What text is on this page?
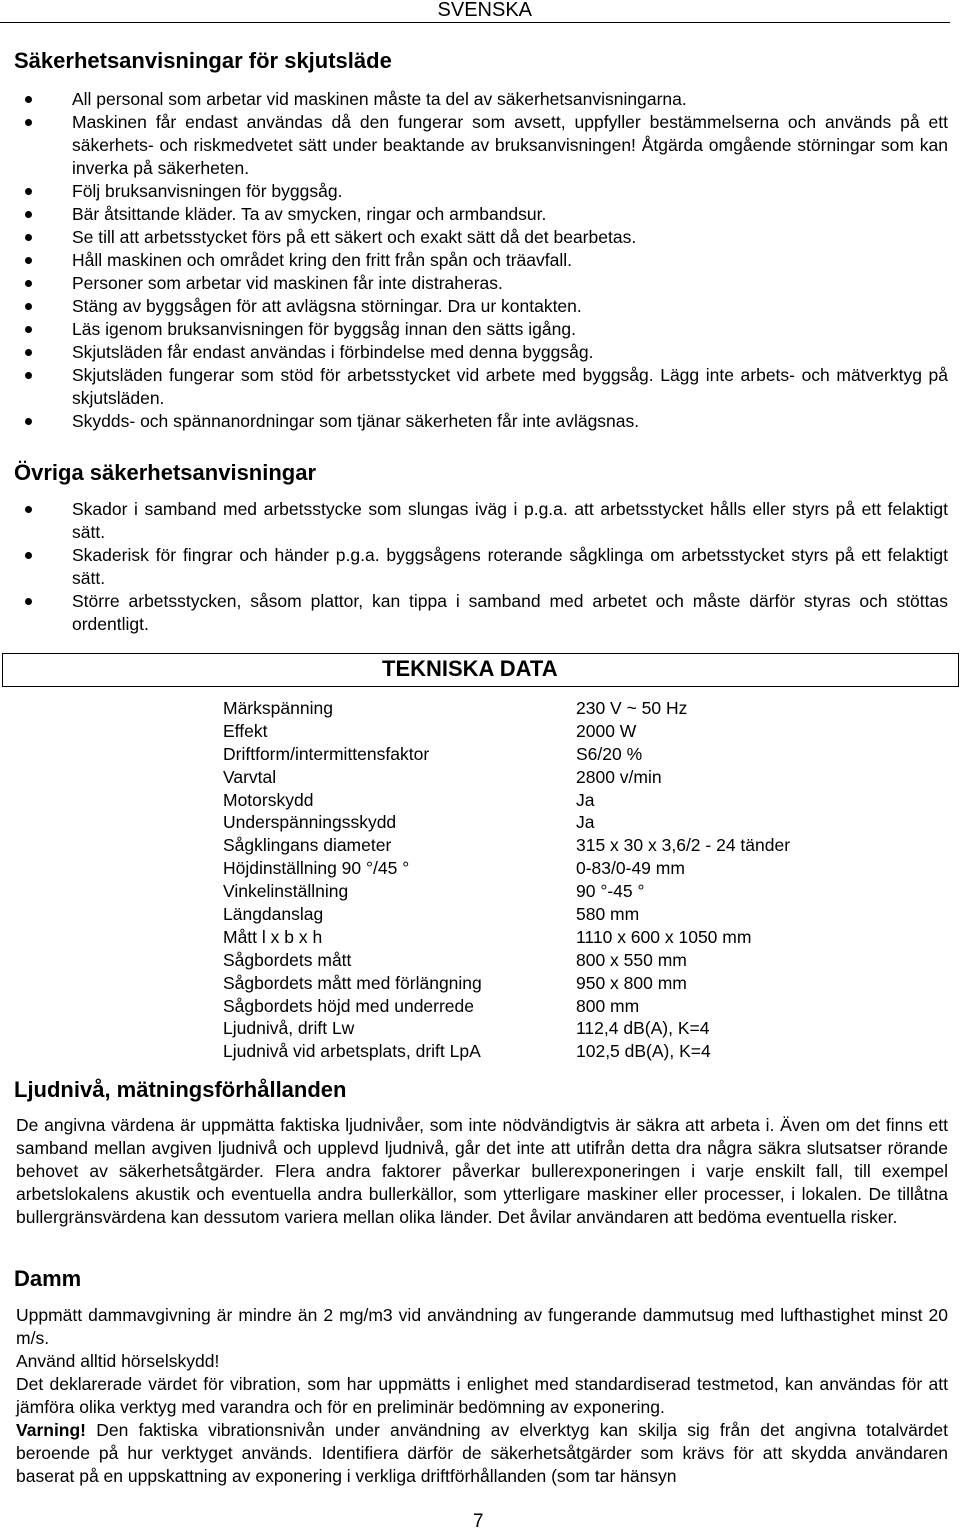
SVENSKA
Säkerhetsanvisningar för skjutsläde
All personal som arbetar vid maskinen måste ta del av säkerhetsanvisningarna.
Maskinen får endast användas då den fungerar som avsett, uppfyller bestämmelserna och används på ett säkerhets- och riskmedvetet sätt under beaktande av bruksanvisningen! Åtgärda omgående störningar som kan inverka på säkerheten.
Följ bruksanvisningen för byggsåg.
Bär åtsittande kläder. Ta av smycken, ringar och armbandsur.
Se till att arbetsstycket förs på ett säkert och exakt sätt då det bearbetas.
Håll maskinen och området kring den fritt från spån och träavfall.
Personer som arbetar vid maskinen får inte distraheras.
Stäng av byggsågen för att avlägsna störningar. Dra ur kontakten.
Läs igenom bruksanvisningen för byggsåg innan den sätts igång.
Skjutsläden får endast användas i förbindelse med denna byggsåg.
Skjutsläden fungerar som stöd för arbetsstycket vid arbete med byggsåg. Lägg inte arbets- och mätverktyg på skjutsläden.
Skydds- och spännanordningar som tjänar säkerheten får inte avlägsnas.
Övriga säkerhetsanvisningar
Skador i samband med arbetsstycke som slungas iväg i p.g.a. att arbetsstycket hålls eller styrs på ett felaktigt sätt.
Skaderisk för fingrar och händer p.g.a. byggsågens roterande sågklinga om arbetsstycket styrs på ett felaktigt sätt.
Större arbetsstycken, såsom plattor, kan tippa i samband med arbetet och måste därför styras och stöttas ordentligt.
TEKNISKA DATA
Märkspänning	230 V ~ 50 Hz
Effekt	2000 W
Driftform/intermittensfaktor	S6/20 %
Varvtal	2800 v/min
Motorskydd	Ja
Underspänningsskydd	Ja
Sågklingans diameter	315 x 30 x 3,6/2 - 24 tänder
Höjdinställning 90 °/45 °	0-83/0-49 mm
Vinkelinställning	90 °-45 °
Längdanslag	580 mm
Mått l x b x h	1110 x 600 x 1050 mm
Sågbordets mått	800 x 550 mm
Sågbordets mått med förlängning	950 x 800 mm
Sågbordets höjd med underrede	800 mm
Ljudnivå, drift Lw	112,4 dB(A), K=4
Ljudnivå vid arbetsplats, drift LpA	102,5 dB(A), K=4
Ljudnivå, mätningsförhållanden

De angivna värdena är uppmätta faktiska ljudnivåer, som inte nödvändigtvis är säkra att arbeta i. Även om det finns ett samband mellan avgiven ljudnivå och upplevd ljudnivå, går det inte att utifrån detta dra några säkra slutsatser rörande behovet av säkerhetsåtgärder. Flera andra faktorer påverkar bullerexponeringen i varje enskilt fall, till exempel arbetslokalens akustik och eventuella andra bullerkällor, som ytterligare maskiner eller processer, i lokalen. De tillåtna bullergränsvärdena kan dessutom variera mellan olika länder. Det åvilar användaren att bedöma eventuella risker.

Damm

Uppmätt dammavgivning är mindre än 2 mg/m3 vid användning av fungerande dammutsug med lufthastighet minst 20 m/s.

Använd alltid hörselskydd!

Det deklarerade värdet för vibration, som har uppmätts i enlighet med standardiserad testmetod, kan användas för att jämföra olika verktyg med varandra och för en preliminär bedömning av exponering.

Varning! Den faktiska vibrationsnivån under användning av elverktyg kan skilja sig från det angivna totalvärdet beroende på hur verktyget används. Identifiera därför de säkerhetsåtgärder som krävs för att skydda användaren baserat på en uppskattning av exponering i verkliga driftförhållanden (som tar hänsyn

7
